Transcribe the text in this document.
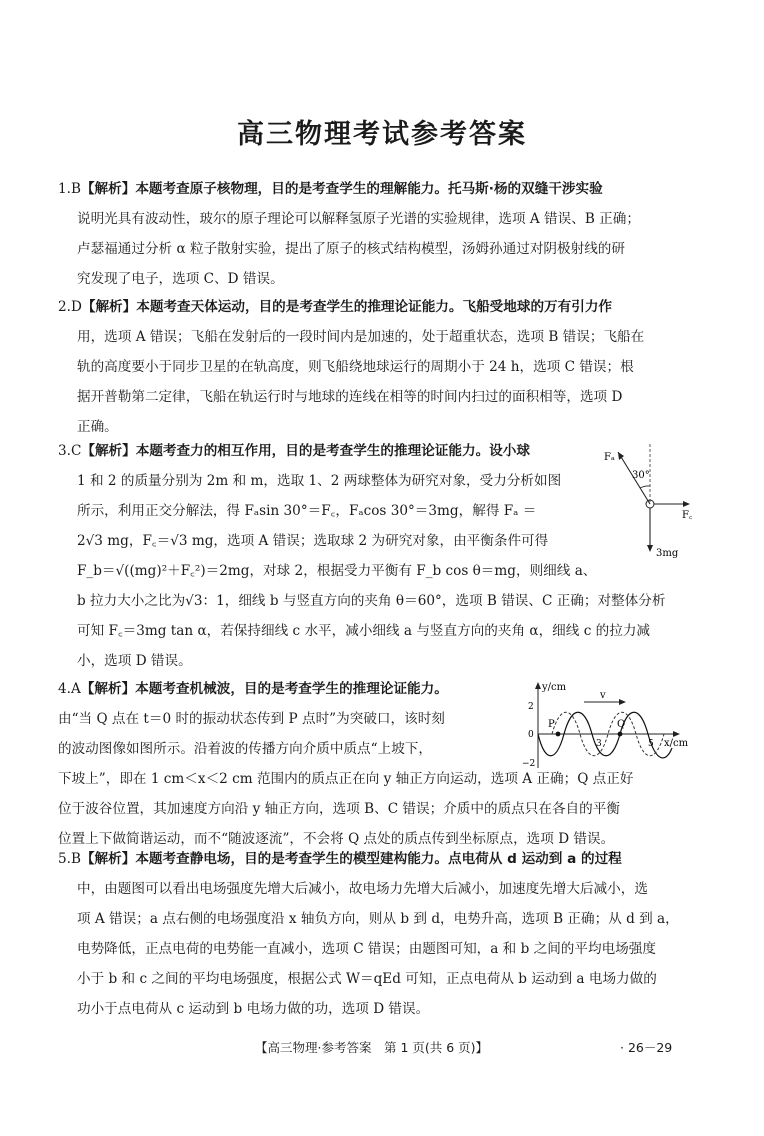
高三物理考试参考答案
1.B【解析】本题考查原子核物理，目的是考查学生的理解能力。托马斯·杨的双缝干涉实验
说明光具有波动性，玻尔的原子理论可以解释氢原子光谱的实验规律，选项 A 错误、B 正确；
卢瑟福通过分析 α 粒子散射实验，提出了原子的核式结构模型，汤姆孙通过对阴极射线的研
究发现了电子，选项 C、D 错误。
2.D【解析】本题考查天体运动，目的是考查学生的推理论证能力。飞船受地球的万有引力作
用，选项 A 错误；飞船在发射后的一段时间内是加速的，处于超重状态，选项 B 错误；飞船在
轨的高度要小于同步卫星的在轨高度，则飞船绕地球运行的周期小于 24 h，选项 C 错误；根
据开普勒第二定律，飞船在轨运行时与地球的连线在相等的时间内扫过的面积相等，选项 D
正确。
3.C【解析】本题考查力的相互作用，目的是考查学生的推理论证能力。设小球
1 和 2 的质量分别为 2m 和 m，选取 1、2 两球整体为研究对象，受力分析如图
所示，利用正交分解法，得 Fₐsin 30°＝F꜀，Fₐcos 30°＝3mg，解得 Fₐ ＝
2√3 mg，F꜀＝√3 mg，选项 A 错误；选取球 2 为研究对象，由平衡条件可得
F_b＝√((mg)²＋F꜀²)＝2mg，对球 2，根据受力平衡有 F_b cos θ＝mg，则细线 a、
b 拉力大小之比为√3：1，细线 b 与竖直方向的夹角 θ＝60°，选项 B 错误、C 正确；对整体分析
可知 F꜀＝3mg tan α，若保持细线 c 水平，减小细线 a 与竖直方向的夹角 α，细线 c 的拉力减
小，选项 D 错误。
Fₐ
30°
F꜀
3mg
4.A【解析】本题考查机械波，目的是考查学生的推理论证能力。
由“当 Q 点在 t＝0 时的振动状态传到 P 点时”为突破口，该时刻
的波动图像如图所示。沿着波的传播方向介质中质点“上坡下，
下坡上”，即在 1 cm＜x＜2 cm 范围内的质点正在向 y 轴正方向运动，选项 A 正确；Q 点正好
位于波谷位置，其加速度方向沿 y 轴正方向，选项 B、C 错误；介质中的质点只在各自的平衡
位置上下做简谐运动，而不“随波逐流”，不会将 Q 点处的质点传到坐标原点，选项 D 错误。
y/cm
x/cm
v
P	Q
2
0
−2
3	5
5.B【解析】本题考查静电场，目的是考查学生的模型建构能力。点电荷从 d 运动到 a 的过程
中，由题图可以看出电场强度先增大后减小，故电场力先增大后减小，加速度先增大后减小，选
项 A 错误；a 点右侧的电场强度沿 x 轴负方向，则从 b 到 d，电势升高，选项 B 正确；从 d 到 a，
电势降低，正点电荷的电势能一直减小，选项 C 错误；由题图可知，a 和 b 之间的平均电场强度
小于 b 和 c 之间的平均电场强度，根据公式 W＝qEd 可知，正点电荷从 b 运动到 a 电场力做的
功小于点电荷从 c 运动到 b 电场力做的功，选项 D 错误。
【高三物理·参考答案　第 1 页(共 6 页)】	· 26－29
